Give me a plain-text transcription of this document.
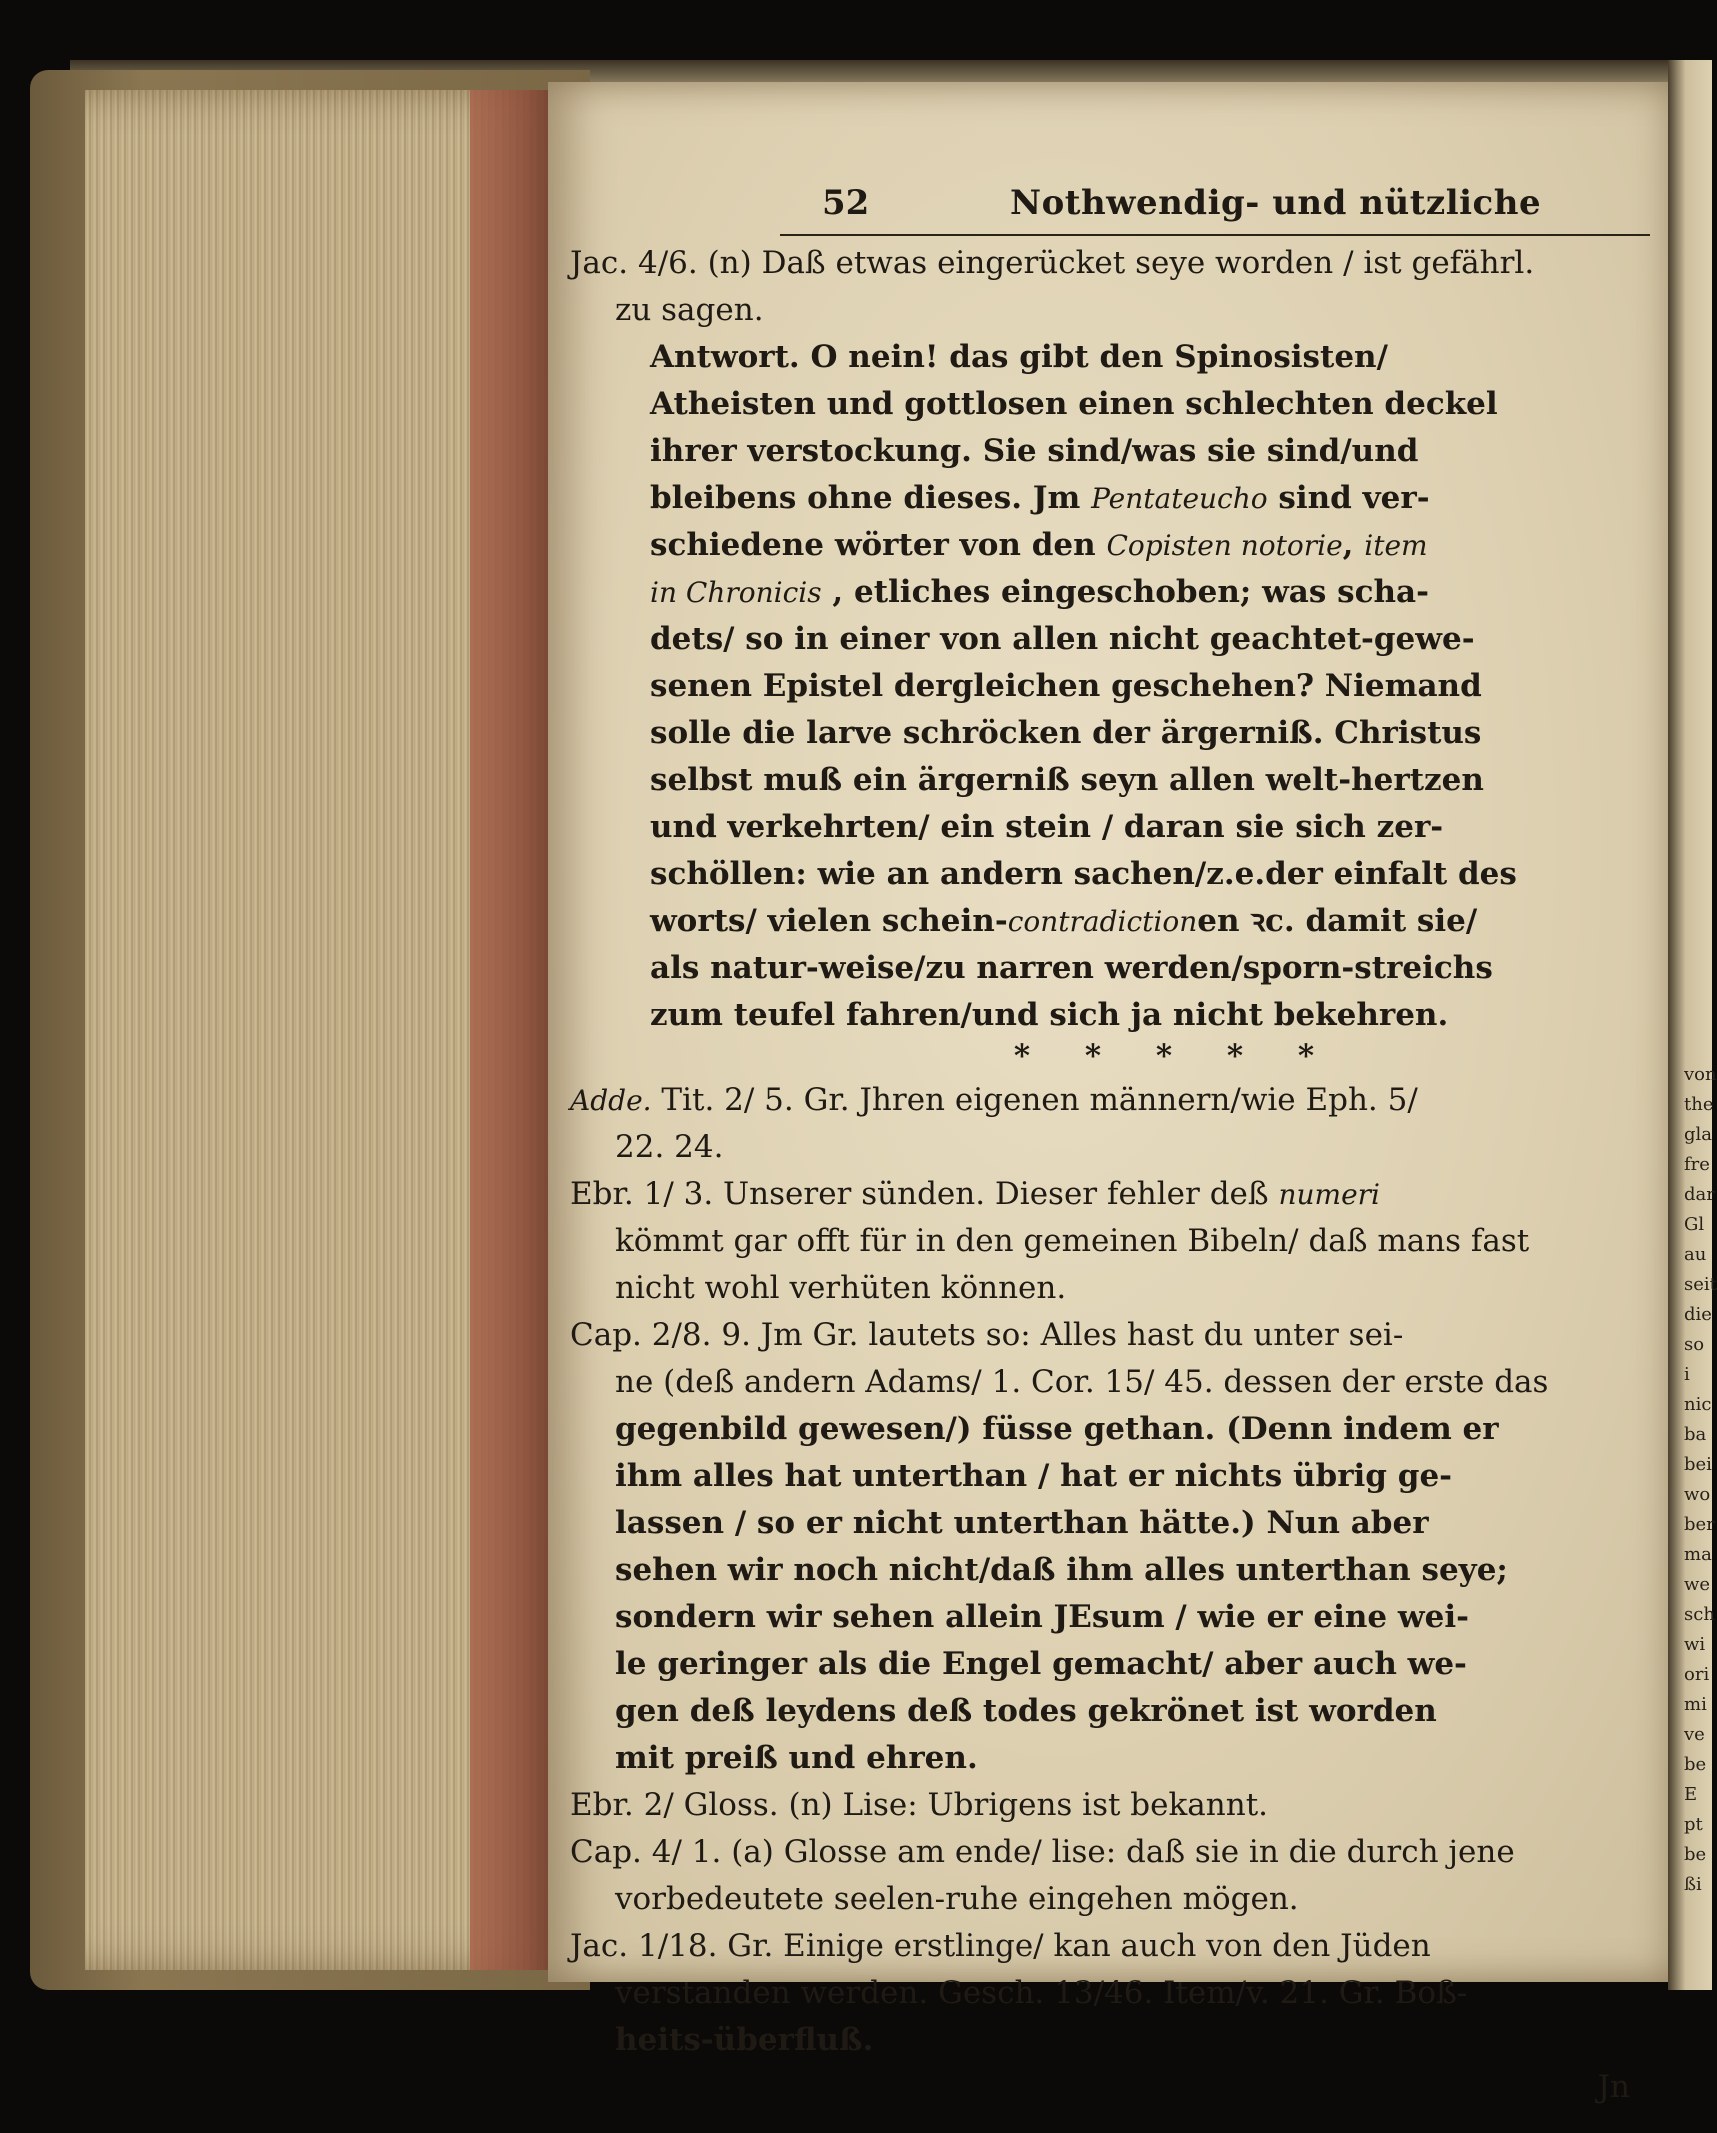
52	Nothwendig- und nützliche
Jac. 4/6. (n) Daß etwas eingerücket seye worden / ist gefährl.
zu sagen.
Antwort. O nein! das gibt den Spinosisten/
Atheisten und gottlosen einen schlechten deckel
ihrer verstockung. Sie sind/was sie sind/und
bleibens ohne dieses. Jm Pentateucho sind ver-
schiedene wörter von den Copisten notorie, item
in Chronicis , etliches eingeschoben; was scha-
dets/ so in einer von allen nicht geachtet-gewe-
senen Epistel dergleichen geschehen? Niemand
solle die larve schröcken der ärgerniß. Christus
selbst muß ein ärgerniß seyn allen welt-hertzen
und verkehrten/ ein stein / daran sie sich zer-
schöllen: wie an andern sachen/z.e.der einfalt des
worts/ vielen schein-contradictionen ꝛc. damit sie/
als natur-weise/zu narren werden/sporn-streichs
zum teufel fahren/und sich ja nicht bekehren.
* * * * *
Adde. Tit. 2/ 5. Gr. Jhren eigenen männern/wie Eph. 5/
22. 24.
Ebr. 1/ 3. Unserer sünden. Dieser fehler deß numeri
kömmt gar offt für in den gemeinen Bibeln/ daß mans fast
nicht wohl verhüten können.
Cap. 2/8. 9. Jm Gr. lautets so: Alles hast du unter sei-
ne (deß andern Adams/ 1. Cor. 15/ 45. dessen der erste das
gegenbild gewesen/) füsse gethan. (Denn indem er
ihm alles hat unterthan / hat er nichts übrig ge-
lassen / so er nicht unterthan hätte.) Nun aber
sehen wir noch nicht/daß ihm alles unterthan seye;
sondern wir sehen allein JEsum / wie er eine wei-
le geringer als die Engel gemacht/ aber auch we-
gen deß leydens deß todes gekrönet ist worden
mit preiß und ehren.
Ebr. 2/ Gloss. (n) Lise: Ubrigens ist bekannt.
Cap. 4/ 1. (a) Glosse am ende/ lise: daß sie in die durch jene
vorbedeutete seelen-ruhe eingehen mögen.
Jac. 1/18. Gr. Einige erstlinge/ kan auch von den Jüden
verstanden werden. Gesch. 13/46. Item/v. 21. Gr. Boß-
heits-überfluß.
Jn
von
the
gla
fre
dar
Gl
au
seit
die
so i
nic
ba
bei
wo
ber
ma
we
sch
wi
ori
mi
ve
be
E
pt
be
ßi
